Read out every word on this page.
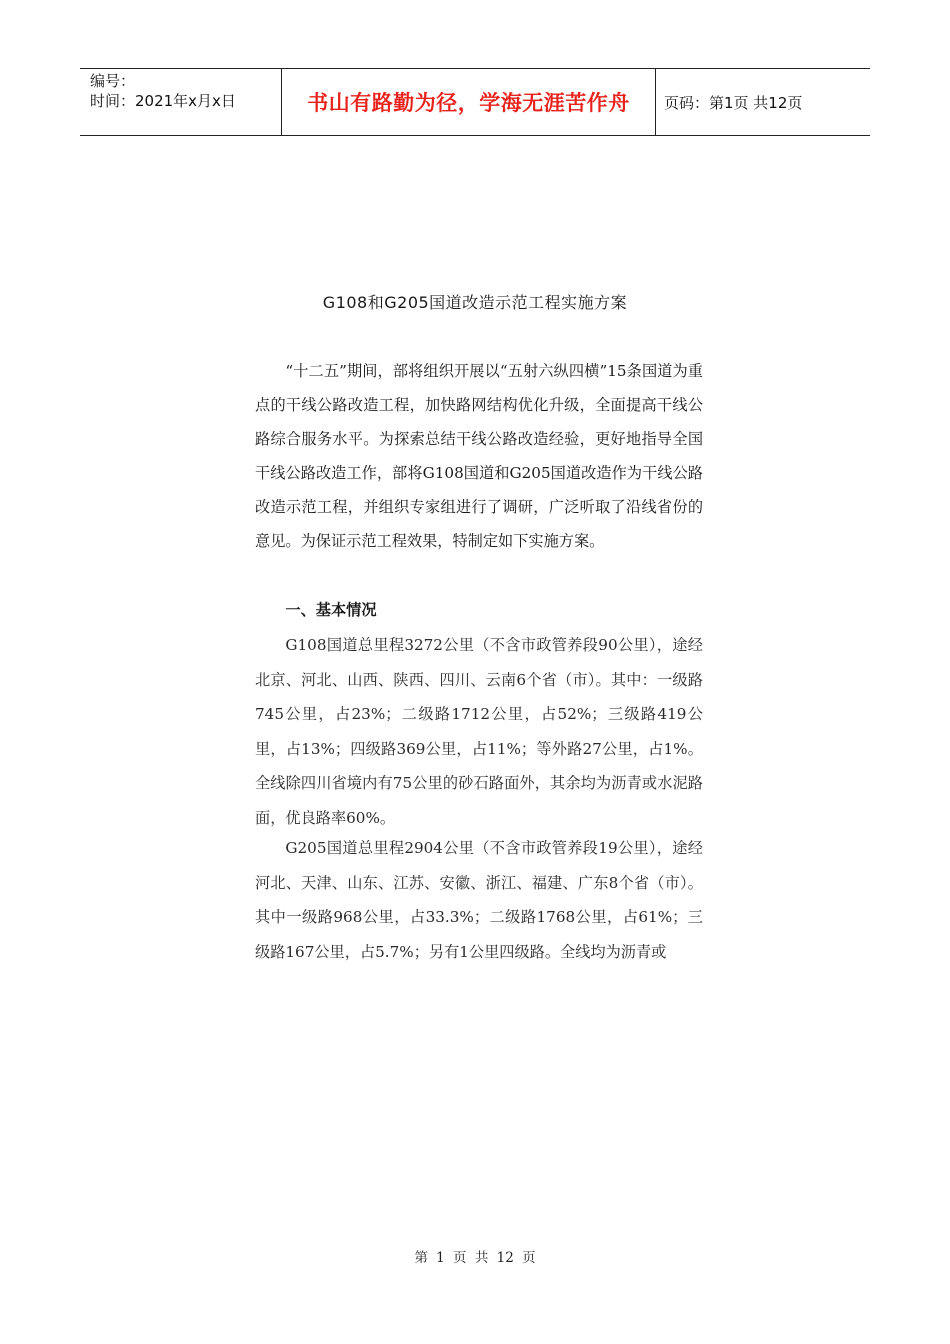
编号：
时间：2021年x月x日	书山有路勤为径，学海无涯苦作舟	页码：第1页 共12页
G108和G205国道改造示范工程实施方案

“十二五”期间，部将组织开展以“五射六纵四横”15条国道为重点的干线公路改造工程，加快路网结构优化升级，全面提高干线公路综合服务水平。为探索总结干线公路改造经验，更好地指导全国干线公路改造工作，部将G108国道和G205国道改造作为干线公路改造示范工程，并组织专家组进行了调研，广泛听取了沿线省份的意见。为保证示范工程效果，特制定如下实施方案。

一、基本情况

G108国道总里程3272公里（不含市政管养段90公里），途经北京、河北、山西、陕西、四川、云南6个省（市）。其中：一级路745公里，占23%；二级路1712公里，占52%；三级路419公里，占13%；四级路369公里，占11%；等外路27公里，占1%。全线除四川省境内有75公里的砂石路面外，其余均为沥青或水泥路面，优良路率60%。

G205国道总里程2904公里（不含市政管养段19公里），途经河北、天津、山东、江苏、安徽、浙江、福建、广东8个省（市）。其中一级路968公里，占33.3%；二级路1768公里，占61%；三级路167公里，占5.7%；另有1公里四级路。全线均为沥青或

第 1 页 共 12 页
